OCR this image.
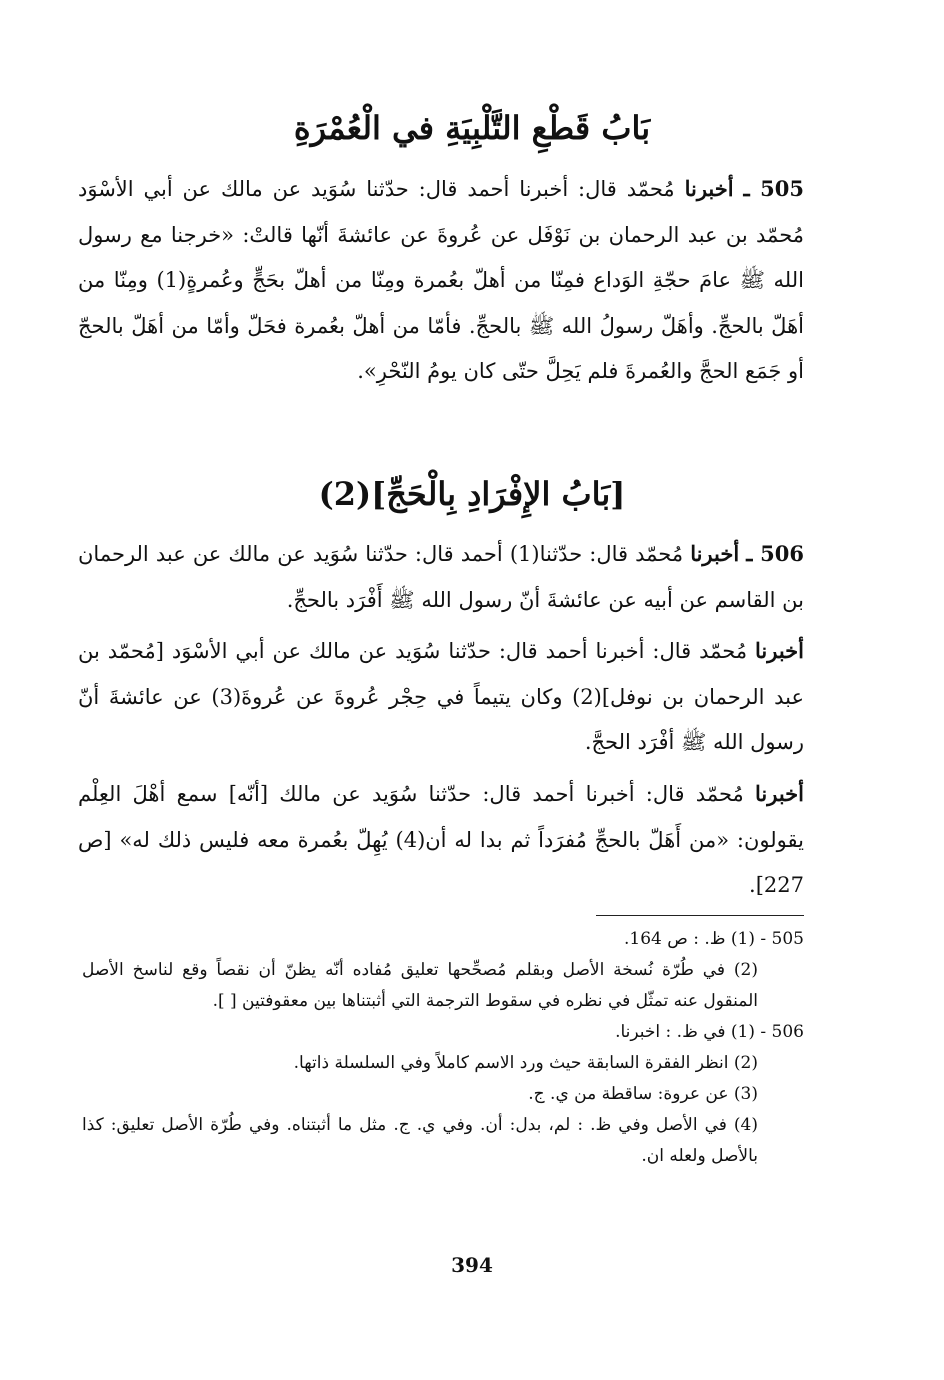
بَابُ قَطْعِ التَّلْبِيَةِ في الْعُمْرَةِ
505 ـ أخبرنا مُحمّد قال: أخبرنا أحمد قال: حدّثنا سُوَيد عن مالك عن أبي الأسْوَد مُحمّد بن عبد الرحمان بن نَوْفَل عن عُروةَ عن عائشةَ أنّها قالتْ: «خرجنا مع رسول الله ﷺ عامَ حجّةِ الوَداع فمِنّا من أهلّ بعُمرة ومِنّا من أهلّ بحَجٍّ وعُمرةٍ(1) ومِنّا من أهَلّ بالحجِّ. وأهَلّ رسولُ الله ﷺ بالحجِّ. فأمّا من أهلّ بعُمرة فحَلّ وأمّا من أهَلّ بالحجّ أو جَمَع الحجَّ والعُمرةَ فلم يَحِلَّ حتّى كان يومُ النّحْرِ».
[بَابُ الإِفْرَادِ بِالْحَجِّ](2)
506 ـ أخبرنا مُحمّد قال: حدّثنا(1) أحمد قال: حدّثنا سُوَيد عن مالك عن عبد الرحمان بن القاسم عن أبيه عن عائشةَ أنّ رسول الله ﷺ أَفْرَد بالحجِّ.
أخبرنا مُحمّد قال: أخبرنا أحمد قال: حدّثنا سُوَيد عن مالك عن أبي الأسْوَد [مُحمّد بن عبد الرحمان بن نوفل](2) وكان يتيماً في حِجْر عُروةَ عن عُروةَ(3) عن عائشةَ أنّ رسول الله ﷺ أفْرَد الحجَّ.
أخبرنا مُحمّد قال: أخبرنا أحمد قال: حدّثنا سُوَيد عن مالك [أنّه] سمع أهْلَ العِلْم يقولون: «من أَهَلّ بالحجِّ مُفرَداً ثم بدا له أن(4) يُهِلّ بعُمرة معه فليس ذلك له» [ص 227].
505 - (1) ظ. : ص 164.
(2) في طُرّة نُسخة الأصل وبقلم مُصحِّحها تعليق مُفاده أنّه يظنّ أن نقصاً وقع لناسخ الأصل المنقول عنه تمثّل في نظره في سقوط الترجمة التي أثبتناها بين معقوفتين [ ].
506 - (1) في ظ. : اخبرنا.
(2) انظر الفقرة السابقة حيث ورد الاسم كاملاً وفي السلسلة ذاتها.
(3) عن عروة: ساقطة من ي. ج.
(4) في الأصل وفي ظ. : لم، بدل: أن. وفي ي. ج. مثل ما أثبتناه. وفي طُرّة الأصل تعليق: كذا بالأصل ولعله ان.
394
